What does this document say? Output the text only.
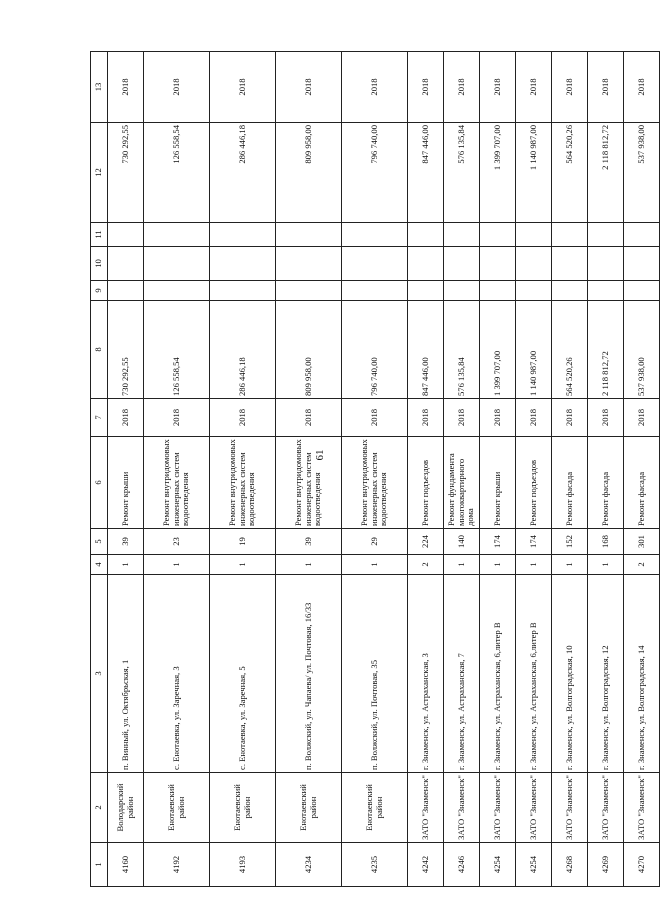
61
1	2	3	4	5	6	7	8	9	10	11	12	13
4160	Володарский район	п. Винный, ул. Октябрьская, 1	1	39	Ремонт крыши	2018	730 292,55				730 292,55	2018
4192	Енотаевский район	с. Енотаевка, ул. Заречная, 3	1	23	Ремонт внутридомовых инженерных систем водоотведения	2018	126 558,54				126 558,54	2018
4193	Енотаевский район	с. Енотаевка, ул. Заречная, 5	1	19	Ремонт внутридомовых инженерных систем водоотведения	2018	286 446,18				286 446,18	2018
4234	Енотаевский район	п. Волжский, ул. Чапаева/ ул. Почтовая, 16/33	1	39	Ремонт внутридомовых инженерных систем водоотведения	2018	809 958,00				809 958,00	2018
4235	Енотаевский район	п. Волжский, ул. Почтовая, 35	1	29	Ремонт внутридомовых инженерных систем водоотведения	2018	796 740,00				796 740,00	2018
4242	ЗАТО "Знаменск"	г. Знаменск, ул. Астраханская, 3	2	224	Ремонт подъездов	2018	847 446,00				847 446,00	2018
4246	ЗАТО "Знаменск"	г. Знаменск, ул. Астраханская, 7	1	140	Ремонт фундамента многоквартирного дома	2018	576 135,84				576 135,84	2018
4254	ЗАТО "Знаменск"	г. Знаменск, ул. Астраханская, 6,литер В	1	174	Ремонт крыши	2018	1 399 707,00				1 399 707,00	2018
4254	ЗАТО "Знаменск"	г. Знаменск, ул. Астраханская, 6,литер В	1	174	Ремонт подъездов	2018	1 140 987,00				1 140 987,00	2018
4268	ЗАТО "Знаменск"	г. Знаменск, ул. Волгоградская, 10	1	152	Ремонт фасада	2018	564 520,26				564 520,26	2018
4269	ЗАТО "Знаменск"	г. Знаменск, ул. Волгоградская, 12	1	168	Ремонт фасада	2018	2 118 812,72				2 118 812,72	2018
4270	ЗАТО "Знаменск"	г. Знаменск, ул. Волгоградская, 14	2	301	Ремонт фасада	2018	537 938,00				537 938,00	2018
